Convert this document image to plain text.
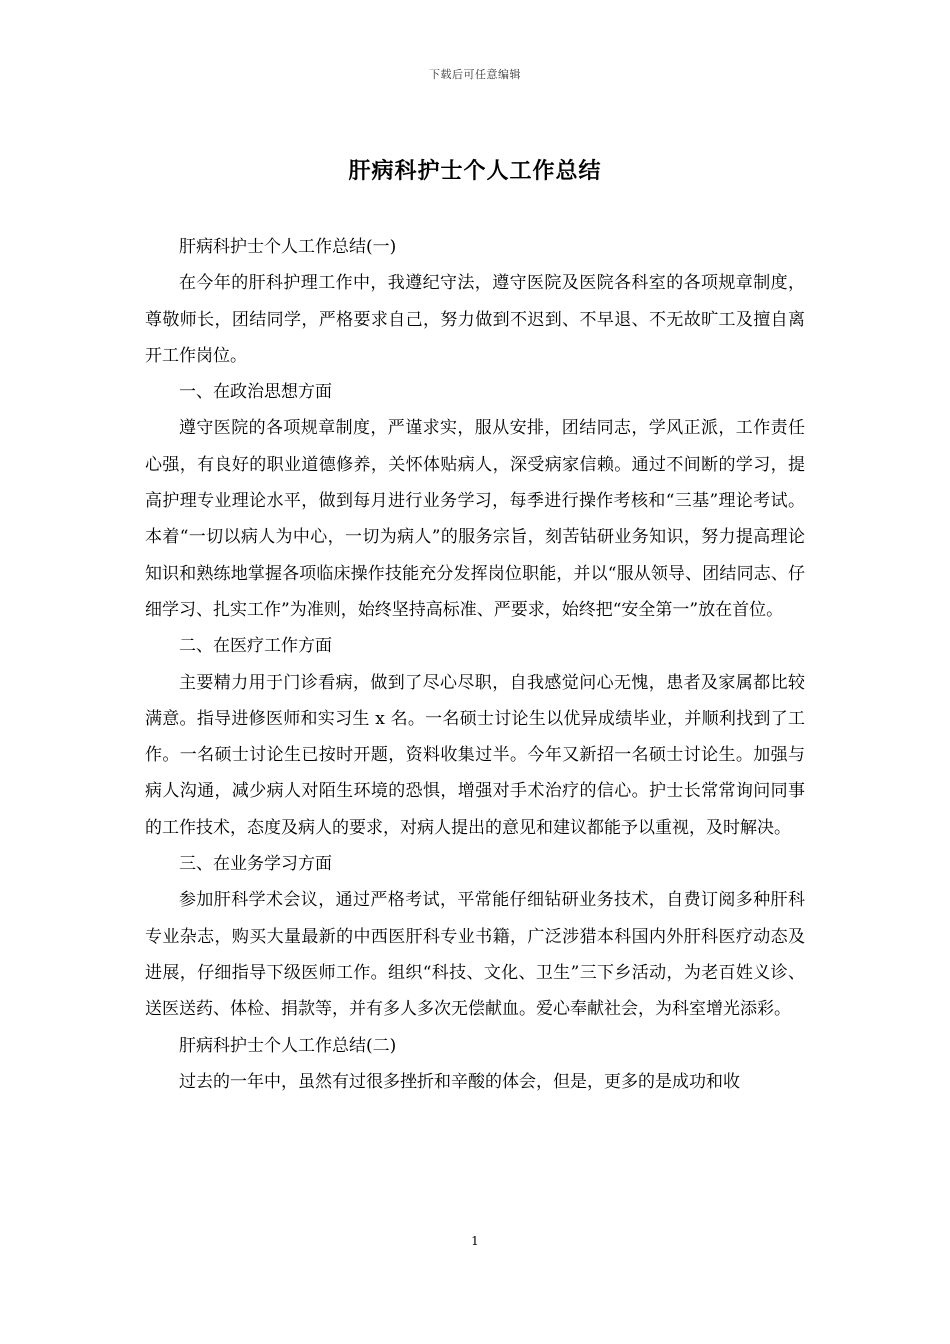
下载后可任意编辑
肝病科护士个人工作总结

肝病科护士个人工作总结(一)

在今年的肝科护理工作中，我遵纪守法，遵守医院及医院各科室的各项规章制度，尊敬师长，团结同学，严格要求自己，努力做到不迟到、不早退、不无故旷工及擅自离开工作岗位。

一、在政治思想方面

遵守医院的各项规章制度，严谨求实，服从安排，团结同志，学风正派，工作责任心强，有良好的职业道德修养，关怀体贴病人，深受病家信赖。通过不间断的学习，提高护理专业理论水平，做到每月进行业务学习，每季进行操作考核和“三基”理论考试。本着“一切以病人为中心，一切为病人”的服务宗旨，刻苦钻研业务知识，努力提高理论知识和熟练地掌握各项临床操作技能充分发挥岗位职能，并以“服从领导、团结同志、仔细学习、扎实工作”为准则，始终坚持高标准、严要求，始终把“安全第一”放在首位。

二、在医疗工作方面

主要精力用于门诊看病，做到了尽心尽职，自我感觉问心无愧，患者及家属都比较满意。指导进修医师和实习生 x 名。一名硕士讨论生以优异成绩毕业，并顺利找到了工作。一名硕士讨论生已按时开题，资料收集过半。今年又新招一名硕士讨论生。加强与病人沟通，减少病人对陌生环境的恐惧，增强对手术治疗的信心。护士长常常询问同事的工作技术，态度及病人的要求，对病人提出的意见和建议都能予以重视，及时解决。

三、在业务学习方面

参加肝科学术会议，通过严格考试，平常能仔细钻研业务技术，自费订阅多种肝科专业杂志，购买大量最新的中西医肝科专业书籍，广泛涉猎本科国内外肝科医疗动态及进展，仔细指导下级医师工作。组织“科技、文化、卫生”三下乡活动，为老百姓义诊、送医送药、体检、捐款等，并有多人多次无偿献血。爱心奉献社会，为科室增光添彩。

肝病科护士个人工作总结(二)

过去的一年中，虽然有过很多挫折和辛酸的体会，但是，更多的是成功和收

1
